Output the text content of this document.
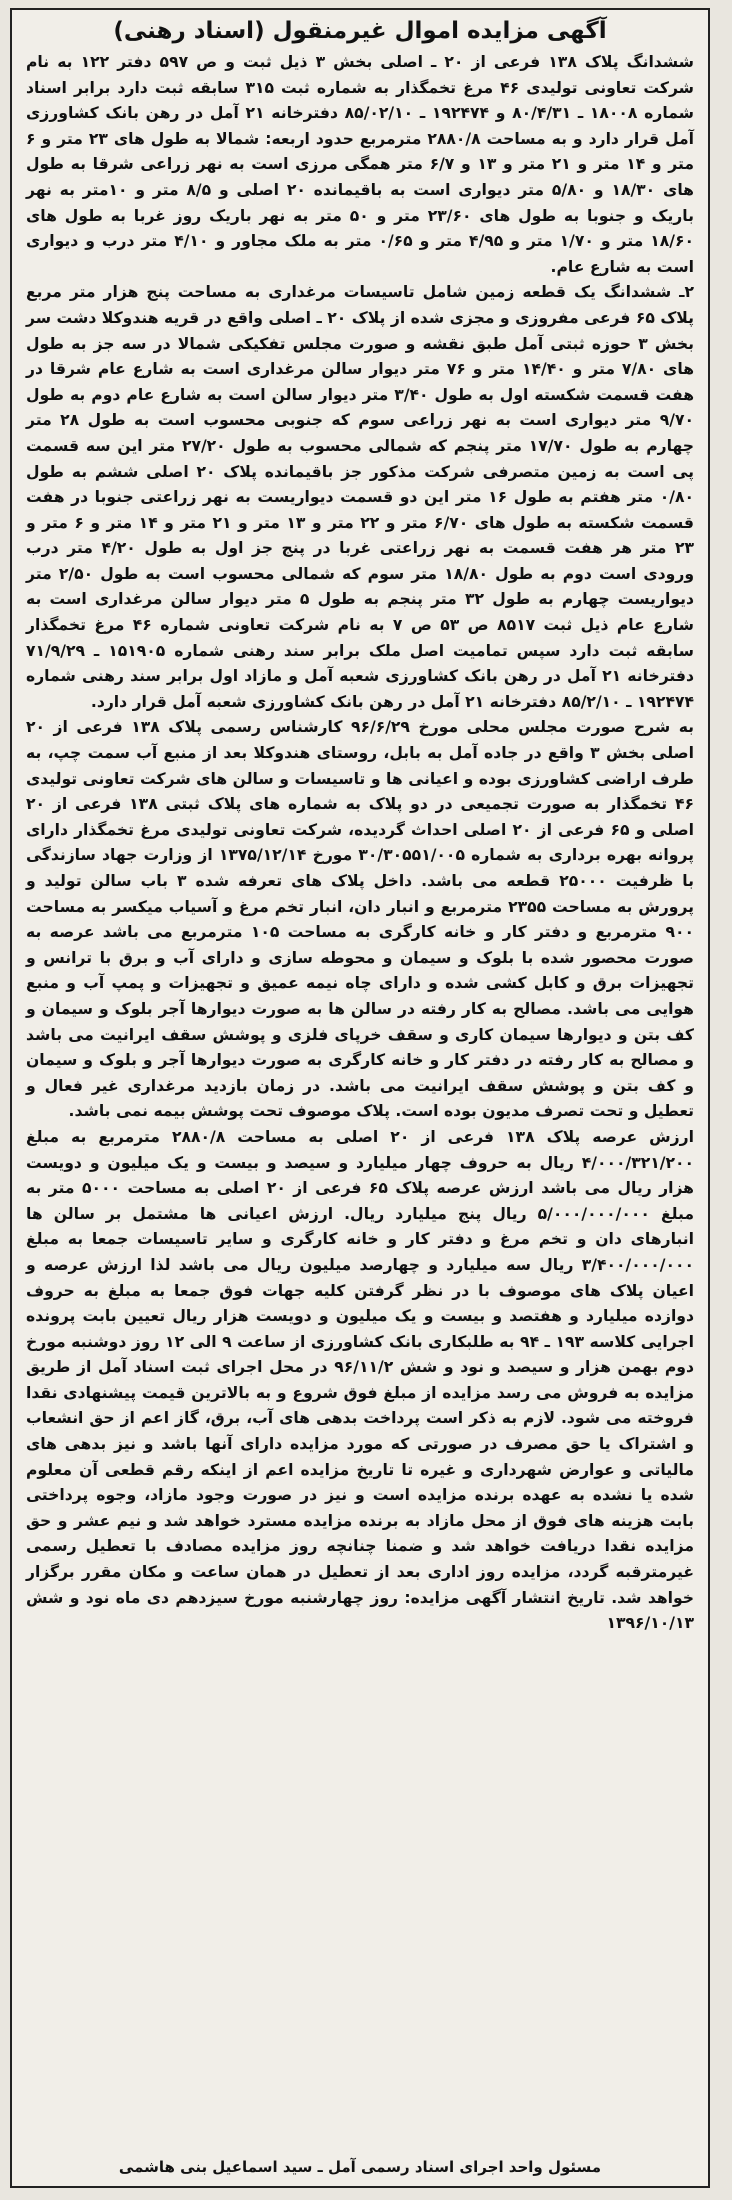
آگهی مزایده اموال غیرمنقول (اسناد رهنی)

ششدانگ پلاک ۱۳۸ فرعی از ۲۰ ـ اصلی بخش ۳ ذیل ثبت و ص ۵۹۷ دفتر ۱۲۲ به نام شرکت تعاونی تولیدی ۴۶ مرغ تخمگذار به شماره ثبت ۳۱۵ سابقه ثبت دارد برابر اسناد شماره ۱۸۰۰۸ ـ ۸۰/۴/۳۱ و ۱۹۲۴۷۴ ـ ۸۵/۰۲/۱۰ دفترخانه ۲۱ آمل در رهن بانک کشاورزی آمل قرار دارد و به مساحت ۲۸۸۰/۸ مترمربع حدود اربعه: شمالا به طول های ۲۳ متر و ۶ متر و ۱۴ متر و ۲۱ متر و ۱۳ و ۶/۷ متر همگی مرزی است به نهر زراعی شرقا به طول های ۱۸/۳۰ و ۵/۸۰ متر دیواری است به باقیمانده ۲۰ اصلی و ۸/۵ متر و ۱۰متر به نهر باریک و جنوبا به طول های ۲۳/۶۰ متر و ۵۰ متر به نهر باریک روز غربا به طول های ۱۸/۶۰ متر و ۱/۷۰ متر و ۴/۹۵ متر و ۰/۶۵ متر به ملک مجاور و ۴/۱۰ متر درب و دیواری است به شارع عام.

۲ـ ششدانگ یک قطعه زمین شامل تاسیسات مرغداری به مساحت پنج هزار متر مربع پلاک ۶۵ فرعی مفروزی و مجزی شده از پلاک ۲۰ ـ اصلی واقع در قریه هندوکلا دشت سر بخش ۳ حوزه ثبتی آمل طبق نقشه و صورت مجلس تفکیکی شمالا در سه جز به طول های ۷/۸۰ متر و ۱۴/۴۰ متر و ۷۶ متر دیوار سالن مرغداری است به شارع عام شرقا در هفت قسمت شکسته اول به طول ۳/۴۰ متر دیوار سالن است به شارع عام دوم به طول ۹/۷۰ متر دیواری است به نهر زراعی سوم که جنوبی محسوب است به طول ۲۸ متر چهارم به طول ۱۷/۷۰ متر پنجم که شمالی محسوب به طول ۲۷/۲۰ متر این سه قسمت پی است به زمین متصرفی شرکت مذکور جز باقیمانده پلاک ۲۰ اصلی ششم به طول ۰/۸۰ متر هفتم به طول ۱۶ متر این دو قسمت دیواریست به نهر زراعتی جنوبا در هفت قسمت شکسته به طول های ۶/۷۰ متر و ۲۲ متر و ۱۳ متر و ۲۱ متر و ۱۴ متر و ۶ متر و ۲۳ متر هر هفت قسمت به نهر زراعتی غربا در پنج جز اول به طول ۴/۲۰ متر درب ورودی است دوم به طول ۱۸/۸۰ متر سوم که شمالی محسوب است به طول ۲/۵۰ متر دیواریست چهارم به طول ۳۲ متر پنجم به طول ۵ متر دیوار سالن مرغداری است به شارع عام ذیل ثبت ۸۵۱۷ ص ۵۳ ص ۷ به نام شرکت تعاونی شماره ۴۶ مرغ تخمگذار سابقه ثبت دارد سپس تمامیت اصل ملک برابر سند رهنی شماره ۱۵۱۹۰۵ ـ ۷۱/۹/۲۹ دفترخانه ۲۱ آمل در رهن بانک کشاورزی شعبه آمل و مازاد اول برابر سند رهنی شماره ۱۹۲۴۷۴ ـ ۸۵/۲/۱۰ دفترخانه ۲۱ آمل در رهن بانک کشاورزی شعبه آمل قرار دارد.

به شرح صورت مجلس محلی مورخ ۹۶/۶/۲۹ کارشناس رسمی پلاک ۱۳۸ فرعی از ۲۰ اصلی بخش ۳ واقع در جاده آمل به بابل، روستای هندوکلا بعد از منبع آب سمت چپ، به طرف اراضی کشاورزی بوده و اعیانی ها و تاسیسات و سالن های شرکت تعاونی تولیدی ۴۶ تخمگذار به صورت تجمیعی در دو پلاک به شماره های پلاک ثبتی ۱۳۸ فرعی از ۲۰ اصلی و ۶۵ فرعی از ۲۰ اصلی احداث گردیده، شرکت تعاونی تولیدی مرغ تخمگذار دارای پروانه بهره برداری به شماره ۳۰/۳۰۵۵۱/۰۰۵ مورخ ۱۳۷۵/۱۲/۱۴ از وزارت جهاد سازندگی با ظرفیت ۲۵۰۰۰ قطعه می باشد. داخل پلاک های تعرفه شده ۳ باب سالن تولید و پرورش به مساحت ۲۳۵۵ مترمربع و انبار دان، انبار تخم مرغ و آسیاب میکسر به مساحت ۹۰۰ مترمربع و دفتر کار و خانه کارگری به مساحت ۱۰۵ مترمربع می باشد عرصه به صورت محصور شده با بلوک و سیمان و محوطه سازی و دارای آب و برق با ترانس و تجهیزات برق و کابل کشی شده و دارای چاه نیمه عمیق و تجهیزات و پمپ آب و منبع هوایی می باشد. مصالح به کار رفته در سالن ها به صورت دیوارها آجر بلوک و سیمان و کف بتن و دیوارها سیمان کاری و سقف خرپای فلزی و پوشش سقف ایرانیت می باشد و مصالح به کار رفته در دفتر کار و خانه کارگری به صورت دیوارها آجر و بلوک و سیمان و کف بتن و پوشش سقف ایرانیت می باشد. در زمان بازدید مرغداری غیر فعال و تعطیل و تحت تصرف مدیون بوده است. پلاک موصوف تحت پوشش بیمه نمی باشد.

ارزش عرصه پلاک ۱۳۸ فرعی از ۲۰ اصلی به مساحت ۲۸۸۰/۸ مترمربع به مبلغ ۴/۰۰۰/۳۲۱/۲۰۰ ریال به حروف چهار میلیارد و سیصد و بیست و یک میلیون و دویست هزار ریال می باشد ارزش عرصه پلاک ۶۵ فرعی از ۲۰ اصلی به مساحت ۵۰۰۰ متر به مبلغ ۵/۰۰۰/۰۰۰/۰۰۰ ریال پنج میلیارد ریال. ارزش اعیانی ها مشتمل بر سالن ها انبارهای دان و تخم مرغ و دفتر کار و خانه کارگری و سایر تاسیسات جمعا به مبلغ ۳/۴۰۰/۰۰۰/۰۰۰ ریال سه میلیارد و چهارصد میلیون ریال می باشد لذا ارزش عرصه و اعیان پلاک های موصوف با در نظر گرفتن کلیه جهات فوق جمعا به مبلغ به حروف دوازده میلیارد و هفتصد و بیست و یک میلیون و دویست هزار ریال تعیین بابت پرونده اجرایی کلاسه ۱۹۳ ـ ۹۴ به طلبکاری بانک کشاورزی از ساعت ۹ الی ۱۲ روز دوشنبه مورخ دوم بهمن هزار و سیصد و نود و شش ۹۶/۱۱/۲ در محل اجرای ثبت اسناد آمل از طریق مزایده به فروش می رسد مزایده از مبلغ فوق شروع و به بالاترین قیمت پیشنهادی نقدا فروخته می شود. لازم به ذکر است پرداخت بدهی های آب، برق، گاز اعم از حق انشعاب و اشتراک یا حق مصرف در صورتی که مورد مزایده دارای آنها باشد و نیز بدهی های مالیاتی و عوارض شهرداری و غیره تا تاریخ مزایده اعم از اینکه رقم قطعی آن معلوم شده یا نشده به عهده برنده مزایده است و نیز در صورت وجود مازاد، وجوه پرداختی بابت هزینه های فوق از محل مازاد به برنده مزایده مسترد خواهد شد و نیم عشر و حق مزایده نقدا دریافت خواهد شد و ضمنا چنانچه روز مزایده مصادف با تعطیل رسمی غیرمترقبه گردد، مزایده روز اداری بعد از تعطیل در همان ساعت و مکان مقرر برگزار خواهد شد. تاریخ انتشار آگهی مزایده: روز چهارشنبه مورخ سیزدهم دی ماه نود و شش ۱۳۹۶/۱۰/۱۳

مسئول واحد اجرای اسناد رسمی آمل ـ سید اسماعیل بنی هاشمی
